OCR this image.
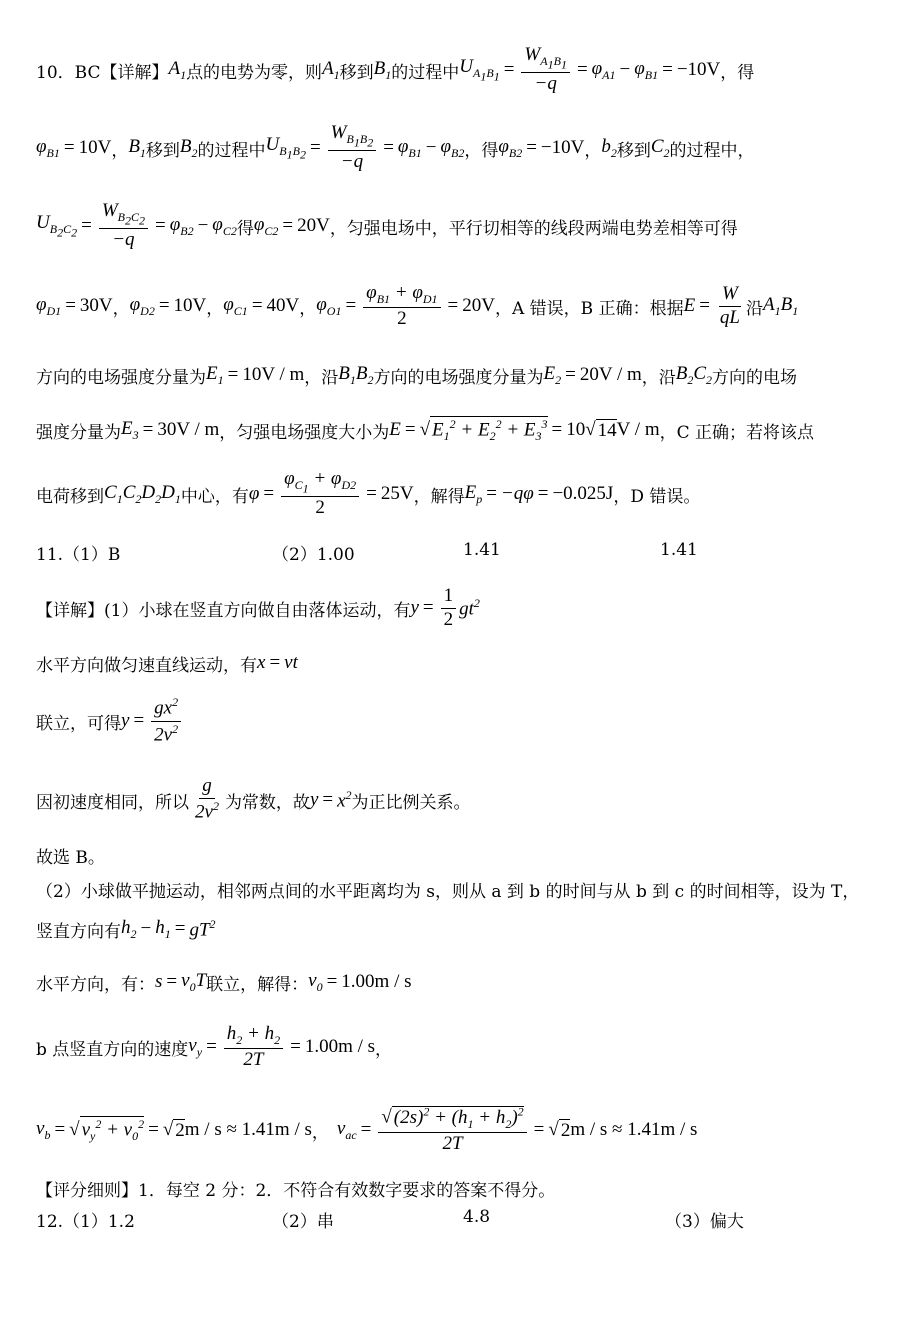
10．BC【详解】 $A_1$ 点的电势为零，则 $A_1$ 移到 $B_1$ 的过程中 $U_{A_1B_1} = \frac{W_{A_1B_1}}{-q} = \varphi_{A1} - \varphi_{B1} = -10V$ ，得
$\varphi_{B1} = 10V$ ， $B_1$ 移到 $B_2$ 的过程中 $U_{B_1B_2} = \frac{W_{B_1B_2}}{-q} = \varphi_{B1} - \varphi_{B2}$ ，得 $\varphi_{B2} = -10V$ ， $b_2$ 移到 $C_2$ 的过程中，
$U_{B_2C_2} = \frac{W_{B_2C_2}}{-q} = \varphi_{B2} - \varphi_{C2}$ 得 $\varphi_{C2} = 20V$ ，匀强电场中，平行切相等的线段两端电势差相等可得
$\varphi_{D1} = 30V$ ， $\varphi_{D2} = 10V$ ， $\varphi_{C1} = 40V$ ， $\varphi_{O1} = \frac{\varphi_{B1} + \varphi_{D1}}{2} = 20V$ ，A 错误，B 正确：根据 $E = \frac{W}{qL}$ 沿 $A_1B_1$
方向的电场强度分量为 $E_1 = 10V / m$ ，沿 $B_1B_2$ 方向的电场强度分量为 $E_2 = 20V / m$ ，沿 $B_2C_2$ 方向的电场
强度分量为 $E_3 = 30V / m$ ，匀强电场强度大小为 E = √ $E_1^2 + E_2^2 + E_3^3 = 10$ √ 14 V / m ，C 正确；若将该点
电荷移到 $C_1C_2D_2D_1$ 中心，有 $\varphi = \frac{\varphi_{C_1} + \varphi_{D2}}{2} = 25V$ ，解得 $E_p = -q\varphi = -0.025J$ ，D 错误。
11.（1）B	（2）1.00	1.41	1.41
【详解】(1）小球在竖直方向做自由落体运动，有 $y = \frac{1}{2} gt^2$
水平方向做匀速直线运动，有 x = vt
联立，可得 $y = \frac{gx^2}{2v^2}$
因初速度相同，所以 $\frac{g}{2v^2}$ 为常数，故 $y = x^2$ 为正比例关系。
故选 B。
（2）小球做平抛运动，相邻两点间的水平距离均为 s，则从 a 到 b 的时间与从 b 到 c 的时间相等，设为 T，
竖直方向有 $h_2 - h_1 = gT^2$
水平方向，有： $s = v_0T$ 联立，解得： $v_0 = 1.00m / s$
b 点竖直方向的速度 $v_y = \frac{h_2 + h_2}{2T} = 1.00m / s$ ，
$v_b$ = √ $v_y^2 + v_0^2$ = √ 2 m / s ≈ 1.41m / s ， $v_{ac} = \frac{√ (2s)^2 + (h_1 + h_2)^2}{2T}$ = √ 2 m / s ≈ 1.41m / s
【评分细则】1．每空 2 分：2．不符合有效数字要求的答案不得分。
12.（1）1.2	（2）串	4.8	（3）偏大
